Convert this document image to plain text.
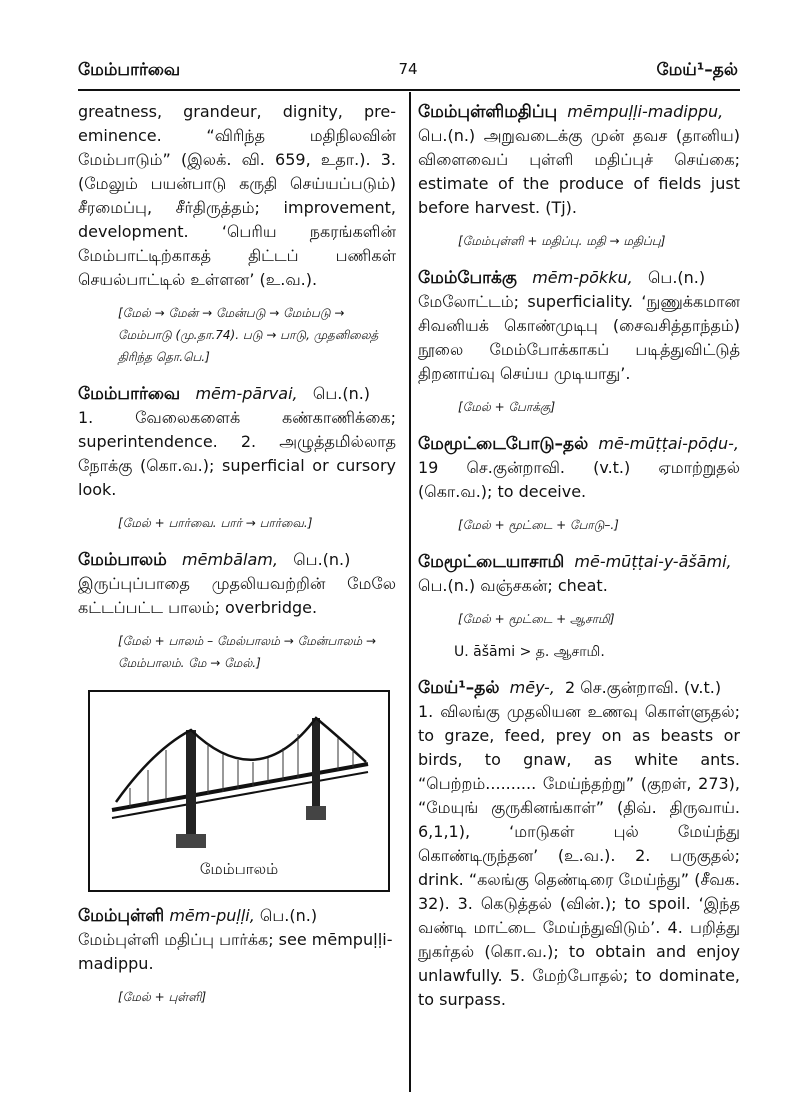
மேம்பார்வை	74	மேய்¹–தல்

greatness, grandeur, dignity, pre-eminence. “விரிந்த மதிநிலவின் மேம்பாடும்” (இலக். வி. 659, உதா.). 3. (மேலும் பயன்பாடு கருதி செய்யப்படும்) சீரமைப்பு, சீர்திருத்தம்; improvement, development. ‘பெரிய நகரங்களின் மேம்பாட்டிற்காகத் திட்டப் பணிகள் செயல்பாட்டில் உள்ளன’ (உ.வ.).

[மேல் → மேன் → மேன்படு → மேம்படு → மேம்பாடு (மு.தா.74). படு → பாடு, முதனிலைத் திரிந்த தொ.பெ.]

மேம்பார்வை mēm-pārvai, பெ.(n.)

1. வேலைகளைக் கண்காணிக்கை; superintendence. 2. அழுத்தமில்லாத நோக்கு (கொ.வ.); superficial or cursory look.

[மேல் + பார்வை. பார் → பார்வை.]

மேம்பாலம் mēmbālam, பெ.(n.)

இருப்புப்பாதை முதலியவற்றின் மேலே கட்டப்பட்ட பாலம்; overbridge.

[மேல் + பாலம் – மேல்பாலம் → மேன்பாலம் → மேம்பாலம். மே → மேல்.]
மேம்பாலம்

மேம்புள்ளி mēm-puḷḷi, பெ.(n.) மேம்புள்ளி மதிப்பு பார்க்க; see mēmpuḷḷi-madippu.

[மேல் + புள்ளி]

மேம்புள்ளிமதிப்பு mēmpuḷḷi-madippu,

பெ.(n.) அறுவடைக்கு முன் தவச (தானிய) விளைவைப் புள்ளி மதிப்புச் செய்கை; estimate of the produce of fields just before harvest. (Tj).

[மேம்புள்ளி + மதிப்பு. மதி → மதிப்பு]

மேம்போக்கு mēm-pōkku, பெ.(n.)

மேலோட்டம்; superficiality. ‘நுணுக்கமான சிவனியக் கொண்முடிபு (சைவசித்தாந்தம்) நூலை மேம்போக்காகப் படித்துவிட்டுத் திறனாய்வு செய்ய முடியாது’.

[மேல் + போக்கு]

மேமூட்டைபோடு–தல் mē-mūṭṭai-pōḍu-,

19 செ.குன்றாவி. (v.t.) ஏமாற்றுதல் (கொ.வ.); to deceive.

[மேல் + மூட்டை + போடு–.]

மேமூட்டையாசாமி mē-mūṭṭai-y-āšāmi,

பெ.(n.) வஞ்சகன்; cheat.

[மேல் + மூட்டை + ஆசாமி]
U. āšāmi > த. ஆசாமி.

மேய்¹–தல் mēy-, 2 செ.குன்றாவி. (v.t.)

1. விலங்கு முதலியன உணவு கொள்ளுதல்; to graze, feed, prey on as beasts or birds, to gnaw, as white ants. “பெற்றம்.......... மேய்ந்தற்று” (குறள், 273), “மேயுங் குருகினங்காள்” (திவ். திருவாய். 6,1,1), ‘மாடுகள் புல் மேய்ந்து கொண்டிருந்தன’ (உ.வ.). 2. பருகுதல்; drink. “கலங்கு தெண்டிரை மேய்ந்து” (சீவக. 32). 3. கெடுத்தல் (வின்.); to spoil. ‘இந்த வண்டி மாட்டை மேய்ந்துவிடும்’. 4. பறித்து நுகர்தல் (கொ.வ.); to obtain and enjoy unlawfully. 5. மேற்போதல்; to dominate, to surpass.
